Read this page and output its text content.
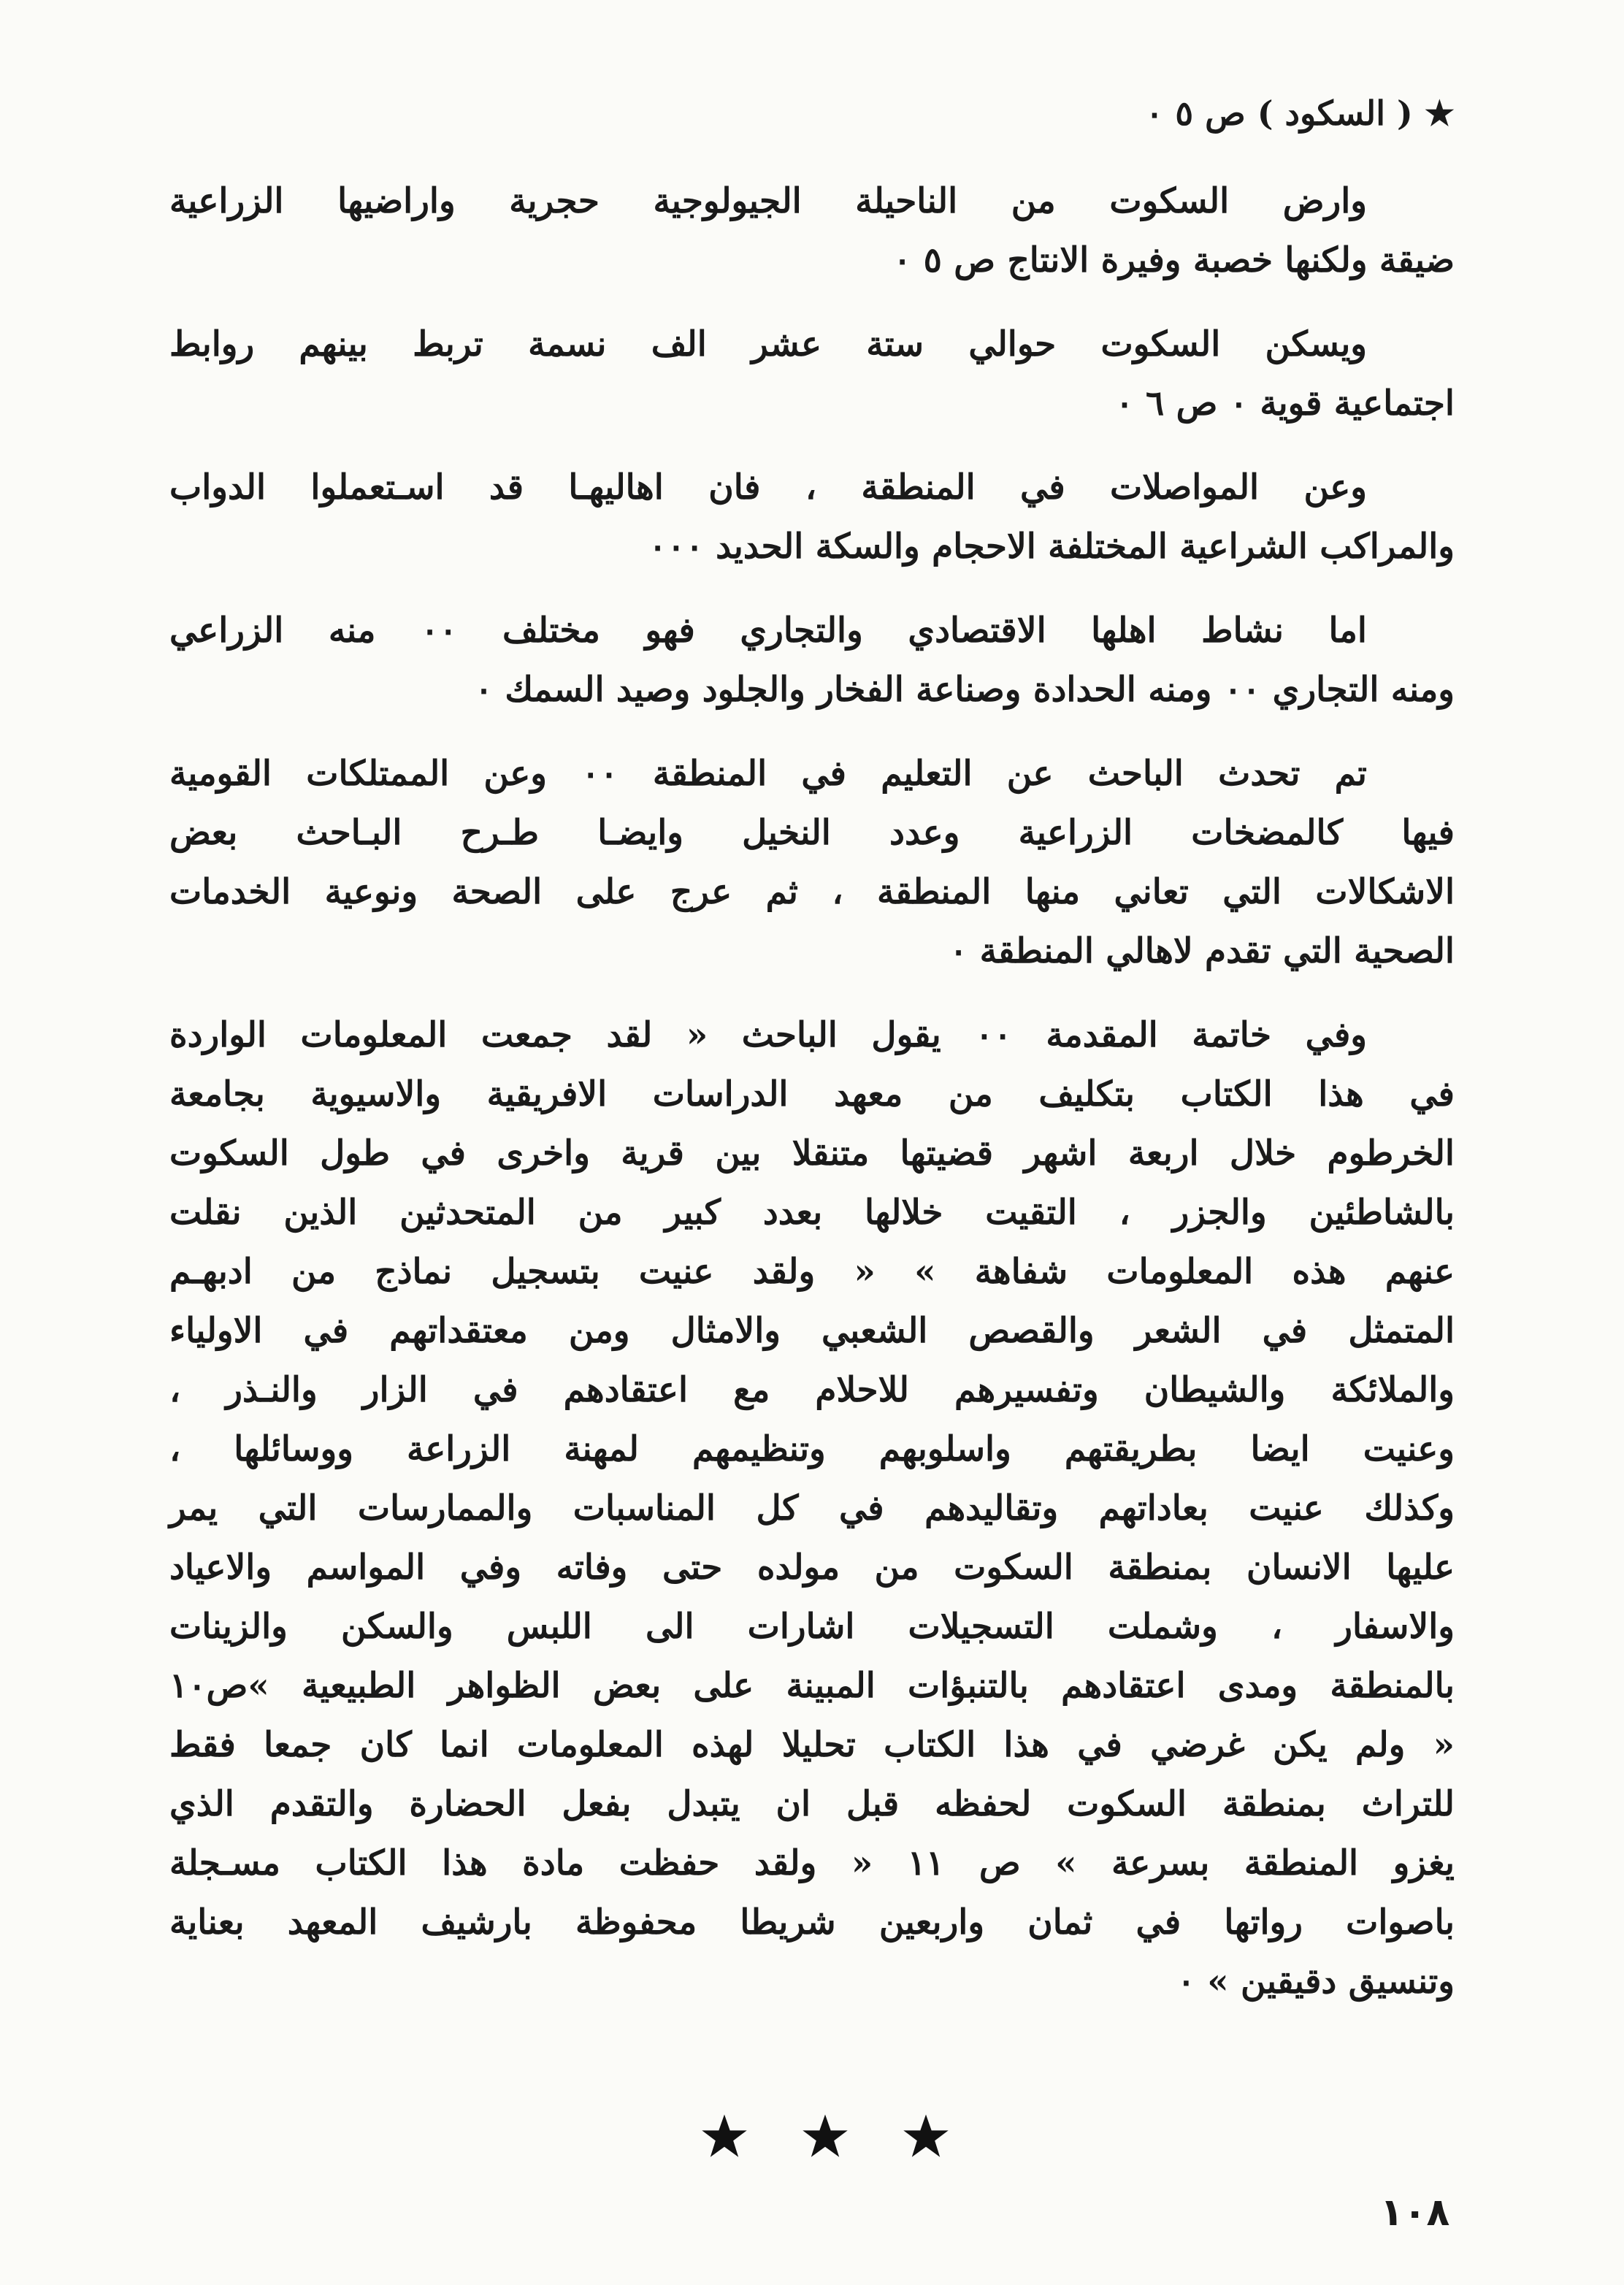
★ ( السكود ) ص ٥ ٠
وارض السكوت من الناحيلة الجيولوجية حجرية واراضيها الزراعية
ضيقة ولكنها خصبة وفيرة الانتاج ص ٥ ٠
ويسكن السكوت حوالي ستة عشر الف نسمة تربط بينهم روابط
اجتماعية قوية ٠ ص ٦ ٠
وعن المواصلات في المنطقة ، فان اهاليهـا قد اسـتعملوا الدواب
والمراكب الشراعية المختلفة الاحجام والسكة الحديد ٠٠٠
اما نشاط اهلها الاقتصادي والتجاري فهو مختلف ٠٠ منه الزراعي
ومنه التجاري ٠٠ ومنه الحدادة وصناعة الفخار والجلود وصيد السمك ٠
تم تحدث الباحث عن التعليم في المنطقة ٠٠ وعن الممتلكات القومية
فيها كالمضخات الزراعية وعدد النخيل وايضـا طـرح البـاحث بعض
الاشكالات التي تعاني منها المنطقة ، ثم عرج على الصحة ونوعية الخدمات
الصحية التي تقدم لاهالي المنطقة ٠
وفي خاتمة المقدمة ٠٠ يقول الباحث « لقد جمعت المعلومات الواردة
في هذا الكتاب بتكليف من معهد الدراسات الافريقية والاسيوية بجامعة
الخرطوم خلال اربعة اشهر قضيتها متنقلا بين قرية واخرى في طول السكوت
بالشاطئين والجزر ، التقيت خلالها بعدد كبير من المتحدثين الذين نقلت
عنهم هذه المعلومات شفاهة » « ولقد عنيت بتسجيل نماذج من ادبهـم
المتمثل في الشعر والقصص الشعبي والامثال ومن معتقداتهم في الاولياء
والملائكة والشيطان وتفسيرهم للاحلام مع اعتقادهم في الزار والنـذر ،
وعنيت ايضا بطريقتهم واسلوبهم وتنظيمهم لمهنة الزراعة ووسائلها ،
وكذلك عنيت بعاداتهم وتقاليدهم في كل المناسبات والممارسات التي يمر
عليها الانسان بمنطقة السكوت من مولده حتى وفاته وفي المواسم والاعياد
والاسفار ، وشملت التسجيلات اشارات الى اللبس والسكن والزينات
بالمنطقة ومدى اعتقادهم بالتنبؤات المبينة على بعض الظواهر الطبيعية »ص١٠
« ولم يكن غرضي في هذا الكتاب تحليلا لهذه المعلومات انما كان جمعا فقط
للتراث بمنطقة السكوت لحفظه قبل ان يتبدل بفعل الحضارة والتقدم الذي
يغزو المنطقة بسرعة » ص ١١ « ولقد حفظت مادة هذا الكتاب مسـجلة
باصوات رواتها في ثمان واربعين شريطا محفوظة بارشيف المعهد بعناية
وتنسيق دقيقين » ٠
١٠٨
